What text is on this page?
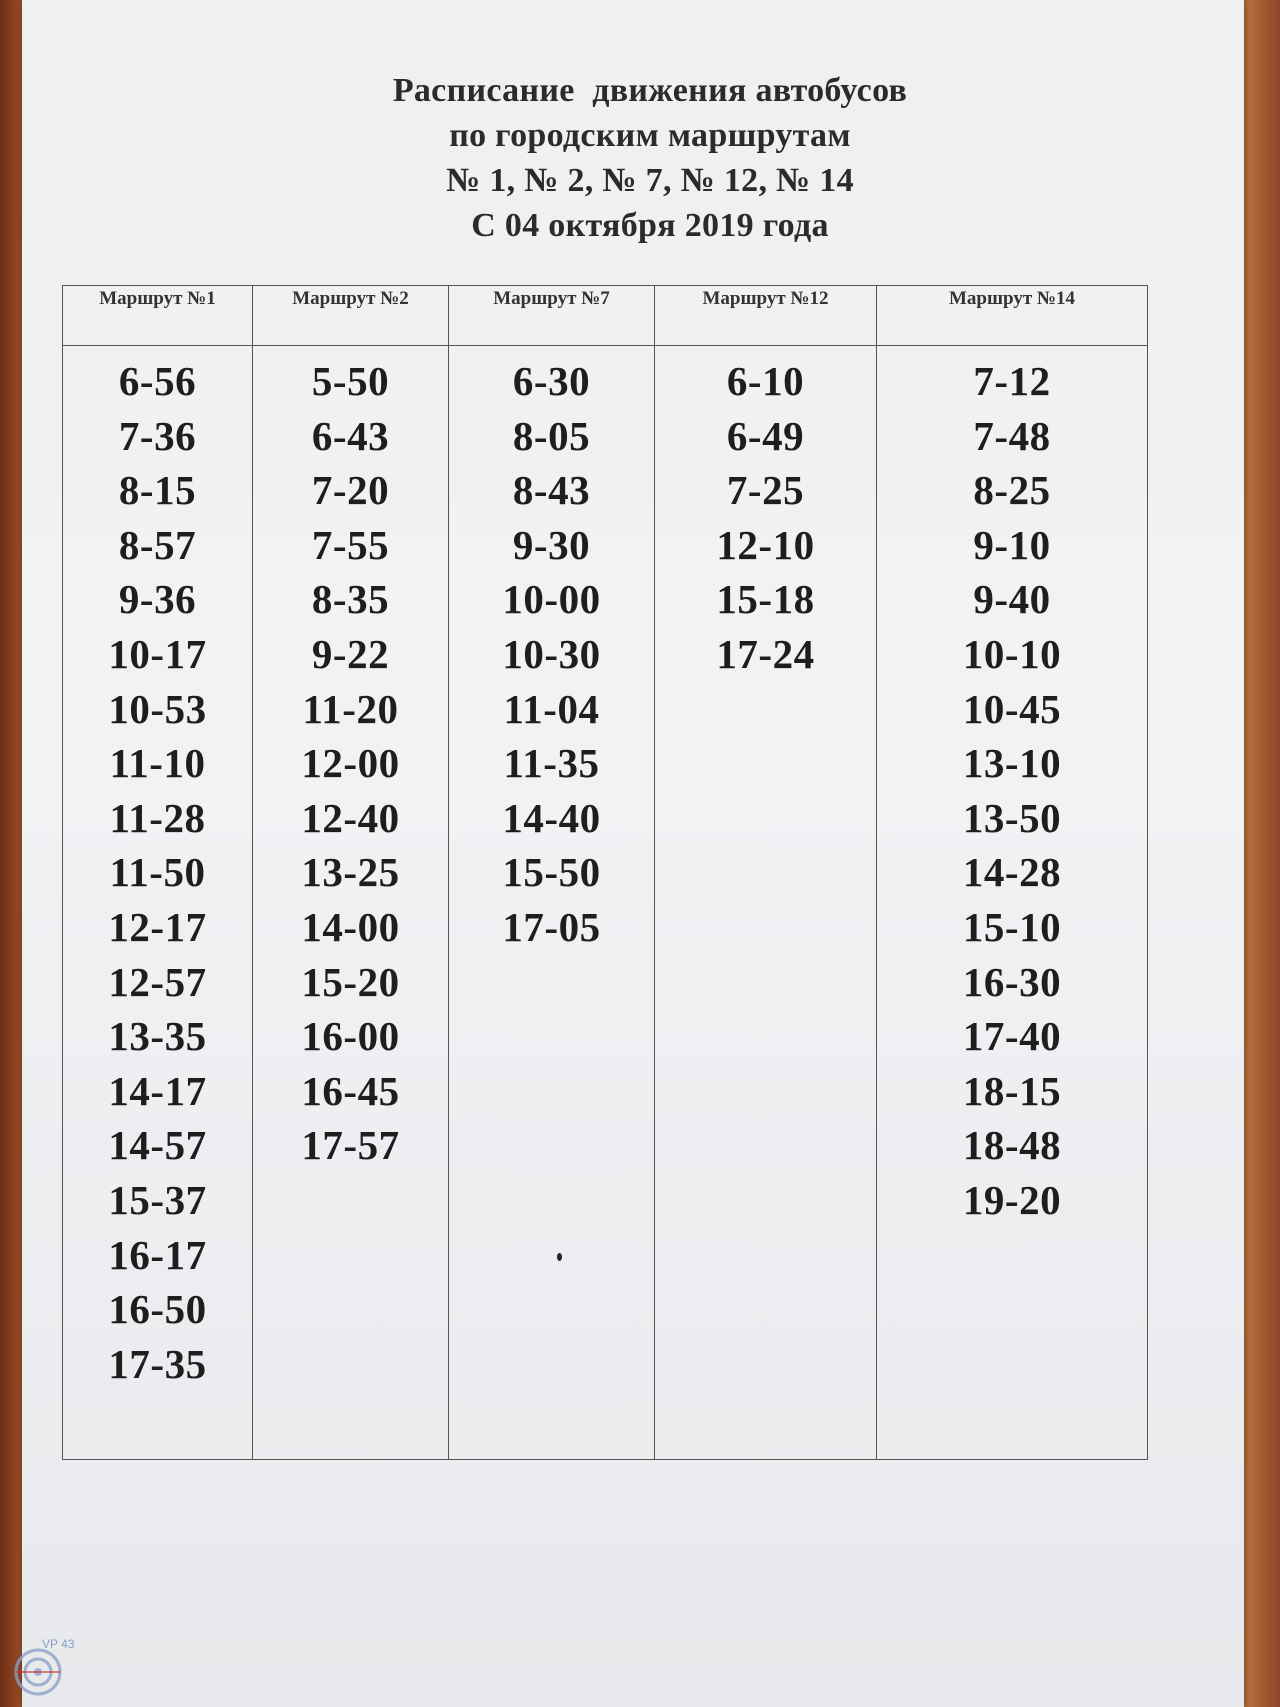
Расписание  движения автобусов
по городским маршрутам
№ 1, № 2, № 7, № 12, № 14
С 04 октября 2019 года
Маршрут №1
6-56
7-36
8-15
8-57
9-36
10-17
10-53
11-10
11-28
11-50
12-17
12-57
13-35
14-17
14-57
15-37
16-17
16-50
17-35
Маршрут №2
5-50
6-43
7-20
7-55
8-35
9-22
11-20
12-00
12-40
13-25
14-00
15-20
16-00
16-45
17-57
Маршрут №7
6-30
8-05
8-43
9-30
10-00
10-30
11-04
11-35
14-40
15-50
17-05
Маршрут №12
6-10
6-49
7-25
12-10
15-18
17-24
Маршрут №14
7-12
7-48
8-25
9-10
9-40
10-10
10-45
13-10
13-50
14-28
15-10
16-30
17-40
18-15
18-48
19-20
VP 43
